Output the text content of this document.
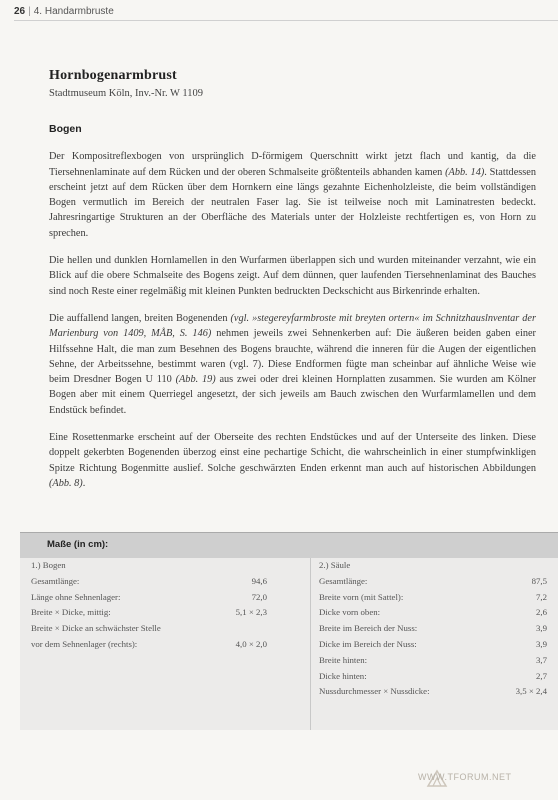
26 | 4. Handarmbruste
Hornbogenarmbrust
Stadtmuseum Köln, Inv.-Nr. W 1109

Bogen

Der Kompositreflexbogen von ursprünglich D-förmigem Querschnitt wirkt jetzt flach und kantig, da die Tiersehnenlaminate auf dem Rücken und der oberen Schmalseite größtenteils abhanden kamen (Abb. 14). Stattdessen erscheint jetzt auf dem Rücken über dem Hornkern eine längs gezahnte Eichenholzleiste, die beim vollständigen Bogen vermutlich im Bereich der neutralen Faser lag. Sie ist teilweise noch mit Laminatresten bedeckt. Jahresringartige Strukturen an der Oberfläche des Materials unter der Holzleiste rechtfertigen es, von Horn zu sprechen.

Die hellen und dunklen Hornlamellen in den Wurfarmen überlappen sich und wurden miteinander verzahnt, wie ein Blick auf die obere Schmalseite des Bogens zeigt. Auf dem dünnen, quer laufenden Tiersehnenlaminat des Bauches sind noch Reste einer regelmäßig mit kleinen Punkten bedruckten Deckschicht aus Birkenrinde erhalten.

Die auffallend langen, breiten Bogenenden (vgl. »stegereyfarmbroste mit breyten ortern« im Schnitzhauslnventar der Marienburg von 1409, MÅB, S. 146) nehmen jeweils zwei Sehnenkerben auf: Die äußeren beiden gaben einer Hilfssehne Halt, die man zum Besehnen des Bogens brauchte, während die inneren für die Augen der eigentlichen Sehne, der Arbeitssehne, bestimmt waren (vgl. 7). Diese Endformen fügte man scheinbar auf ähnliche Weise wie beim Dresdner Bogen U 110 (Abb. 19) aus zwei oder drei kleinen Hornplatten zusammen. Sie wurden am Kölner Bogen aber mit einem Querriegel angesetzt, der sich jeweils am Bauch zwischen den Wurfarmlamellen und dem Endstück befindet.

Eine Rosettenmarke erscheint auf der Oberseite des rechten Endstückes und auf der Unterseite des linken. Diese doppelt gekerbten Bogenenden überzog einst eine pechartige Schicht, die wahrscheinlich in einer stumpfwinkligen Spitze Richtung Bogenmitte auslief. Solche geschwärzten Enden erkennt man auch auf historischen Abbildungen (Abb. 8).

Maße (in cm):
1.) Bogen
Gesamtlänge:	94,6
Länge ohne Sehnenlager:	72,0
Breite × Dicke, mittig:	5,1 × 2,3
Breite × Dicke an schwächster Stelle
vor dem Sehnenlager (rechts):	4,0 × 2,0
2.) Säule
Gesamtlänge:	87,5
Breite vorn (mit Sattel):	7,2
Dicke vorn oben:	2,6
Breite im Bereich der Nuss:	3,9
Dicke im Bereich der Nuss:	3,9
Breite hinten:	3,7
Dicke hinten:	2,7
Nussdurchmesser × Nussdicke:	3,5 × 2,4
WWW.TFORUM.NET
